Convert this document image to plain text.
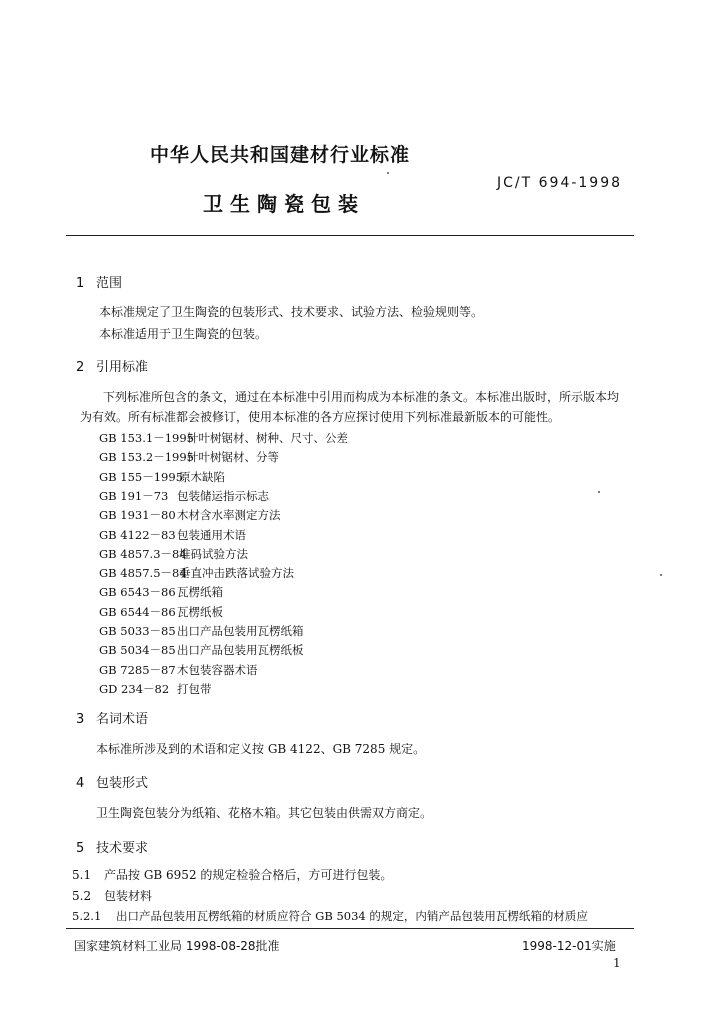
中华人民共和国建材行业标准
JC/T 694-1998
卫生陶瓷包装
1 范围
本标准规定了卫生陶瓷的包装形式、技术要求、试验方法、检验规则等。
本标准适用于卫生陶瓷的包装。
2 引用标准
下列标准所包含的条文，通过在本标准中引用而构成为本标准的条文。本标准出版时，所示版本均
为有效。所有标准都会被修订，使用本标准的各方应探讨使用下列标准最新版本的可能性。
GB 153.1－1995针叶树锯材、树种、尺寸、公差
GB 153.2－1995针叶树锯材、分等
GB 155－1995原木缺陷
GB 191－73 包装储运指示标志
GB 1931－80木材含水率测定方法
GB 4122－83包装通用术语
GB 4857.3－84堆码试验方法
GB 4857.5－84垂直冲击跌落试验方法
GB 6543－86瓦楞纸箱
GB 6544－86瓦楞纸板
GB 5033－85出口产品包装用瓦楞纸箱
GB 5034－85出口产品包装用瓦楞纸板
GB 7285－87木包装容器术语
GD 234－82 打包带
3 名词术语
本标准所涉及到的术语和定义按 GB 4122、GB 7285 规定。
4 包装形式
卫生陶瓷包装分为纸箱、花格木箱。其它包装由供需双方商定。
5 技术要求
5.1 产品按 GB 6952 的规定检验合格后，方可进行包装。
5.2 包装材料
5.2.1 出口产品包装用瓦楞纸箱的材质应符合 GB 5034 的规定，内销产品包装用瓦楞纸箱的材质应
国家建筑材料工业局 1998-08-28批准	1998-12-01实施
1
